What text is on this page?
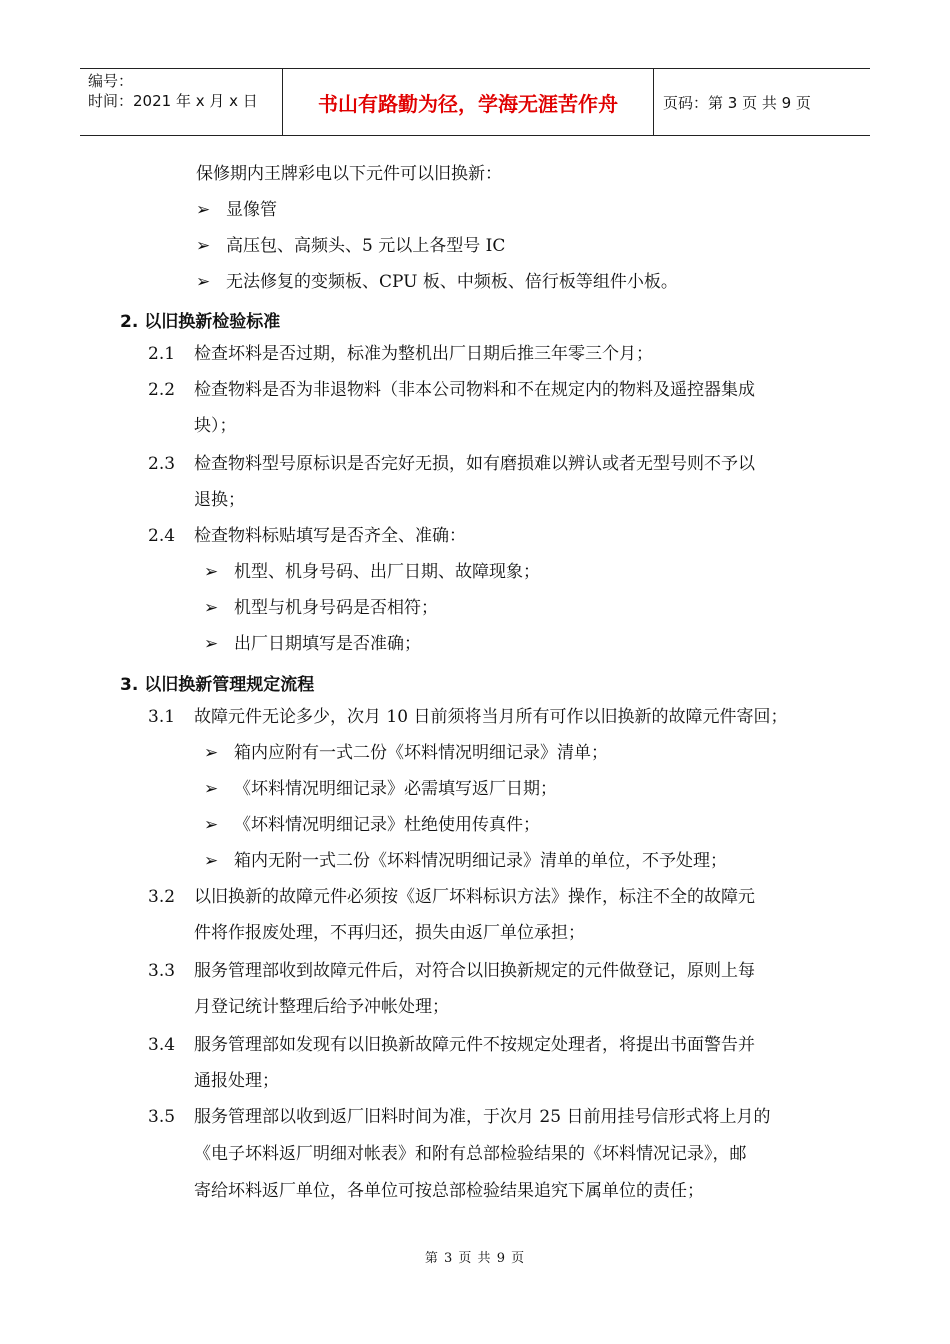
编号：
时间：2021 年 x 月 x 日	书山有路勤为径，学海无涯苦作舟	页码：第 3 页 共 9 页
保修期内王牌彩电以下元件可以旧换新：
➢ 显像管
➢ 高压包、高频头、5 元以上各型号 IC
➢ 无法修复的变频板、CPU 板、中频板、倍行板等组件小板。
2. 以旧换新检验标准
2.1 检查坏料是否过期，标准为整机出厂日期后推三年零三个月；
2.2 检查物料是否为非退物料（非本公司物料和不在规定内的物料及遥控器集成
块）；
2.3 检查物料型号原标识是否完好无损，如有磨损难以辨认或者无型号则不予以
退换；
2.4 检查物料标贴填写是否齐全、准确：
➢ 机型、机身号码、出厂日期、故障现象；
➢ 机型与机身号码是否相符；
➢ 出厂日期填写是否准确；
3. 以旧换新管理规定流程
3.1 故障元件无论多少，次月 10 日前须将当月所有可作以旧换新的故障元件寄回；
➢ 箱内应附有一式二份《坏料情况明细记录》清单；
➢ 《坏料情况明细记录》必需填写返厂日期；
➢ 《坏料情况明细记录》杜绝使用传真件；
➢ 箱内无附一式二份《坏料情况明细记录》清单的单位，不予处理；
3.2 以旧换新的故障元件必须按《返厂坏料标识方法》操作，标注不全的故障元
件将作报废处理，不再归还，损失由返厂单位承担；
3.3 服务管理部收到故障元件后，对符合以旧换新规定的元件做登记，原则上每
月登记统计整理后给予冲帐处理；
3.4 服务管理部如发现有以旧换新故障元件不按规定处理者，将提出书面警告并
通报处理；
3.5 服务管理部以收到返厂旧料时间为准，于次月 25 日前用挂号信形式将上月的
《电子坏料返厂明细对帐表》和附有总部检验结果的《坏料情况记录》，邮
寄给坏料返厂单位，各单位可按总部检验结果追究下属单位的责任；
第 3 页 共 9 页
